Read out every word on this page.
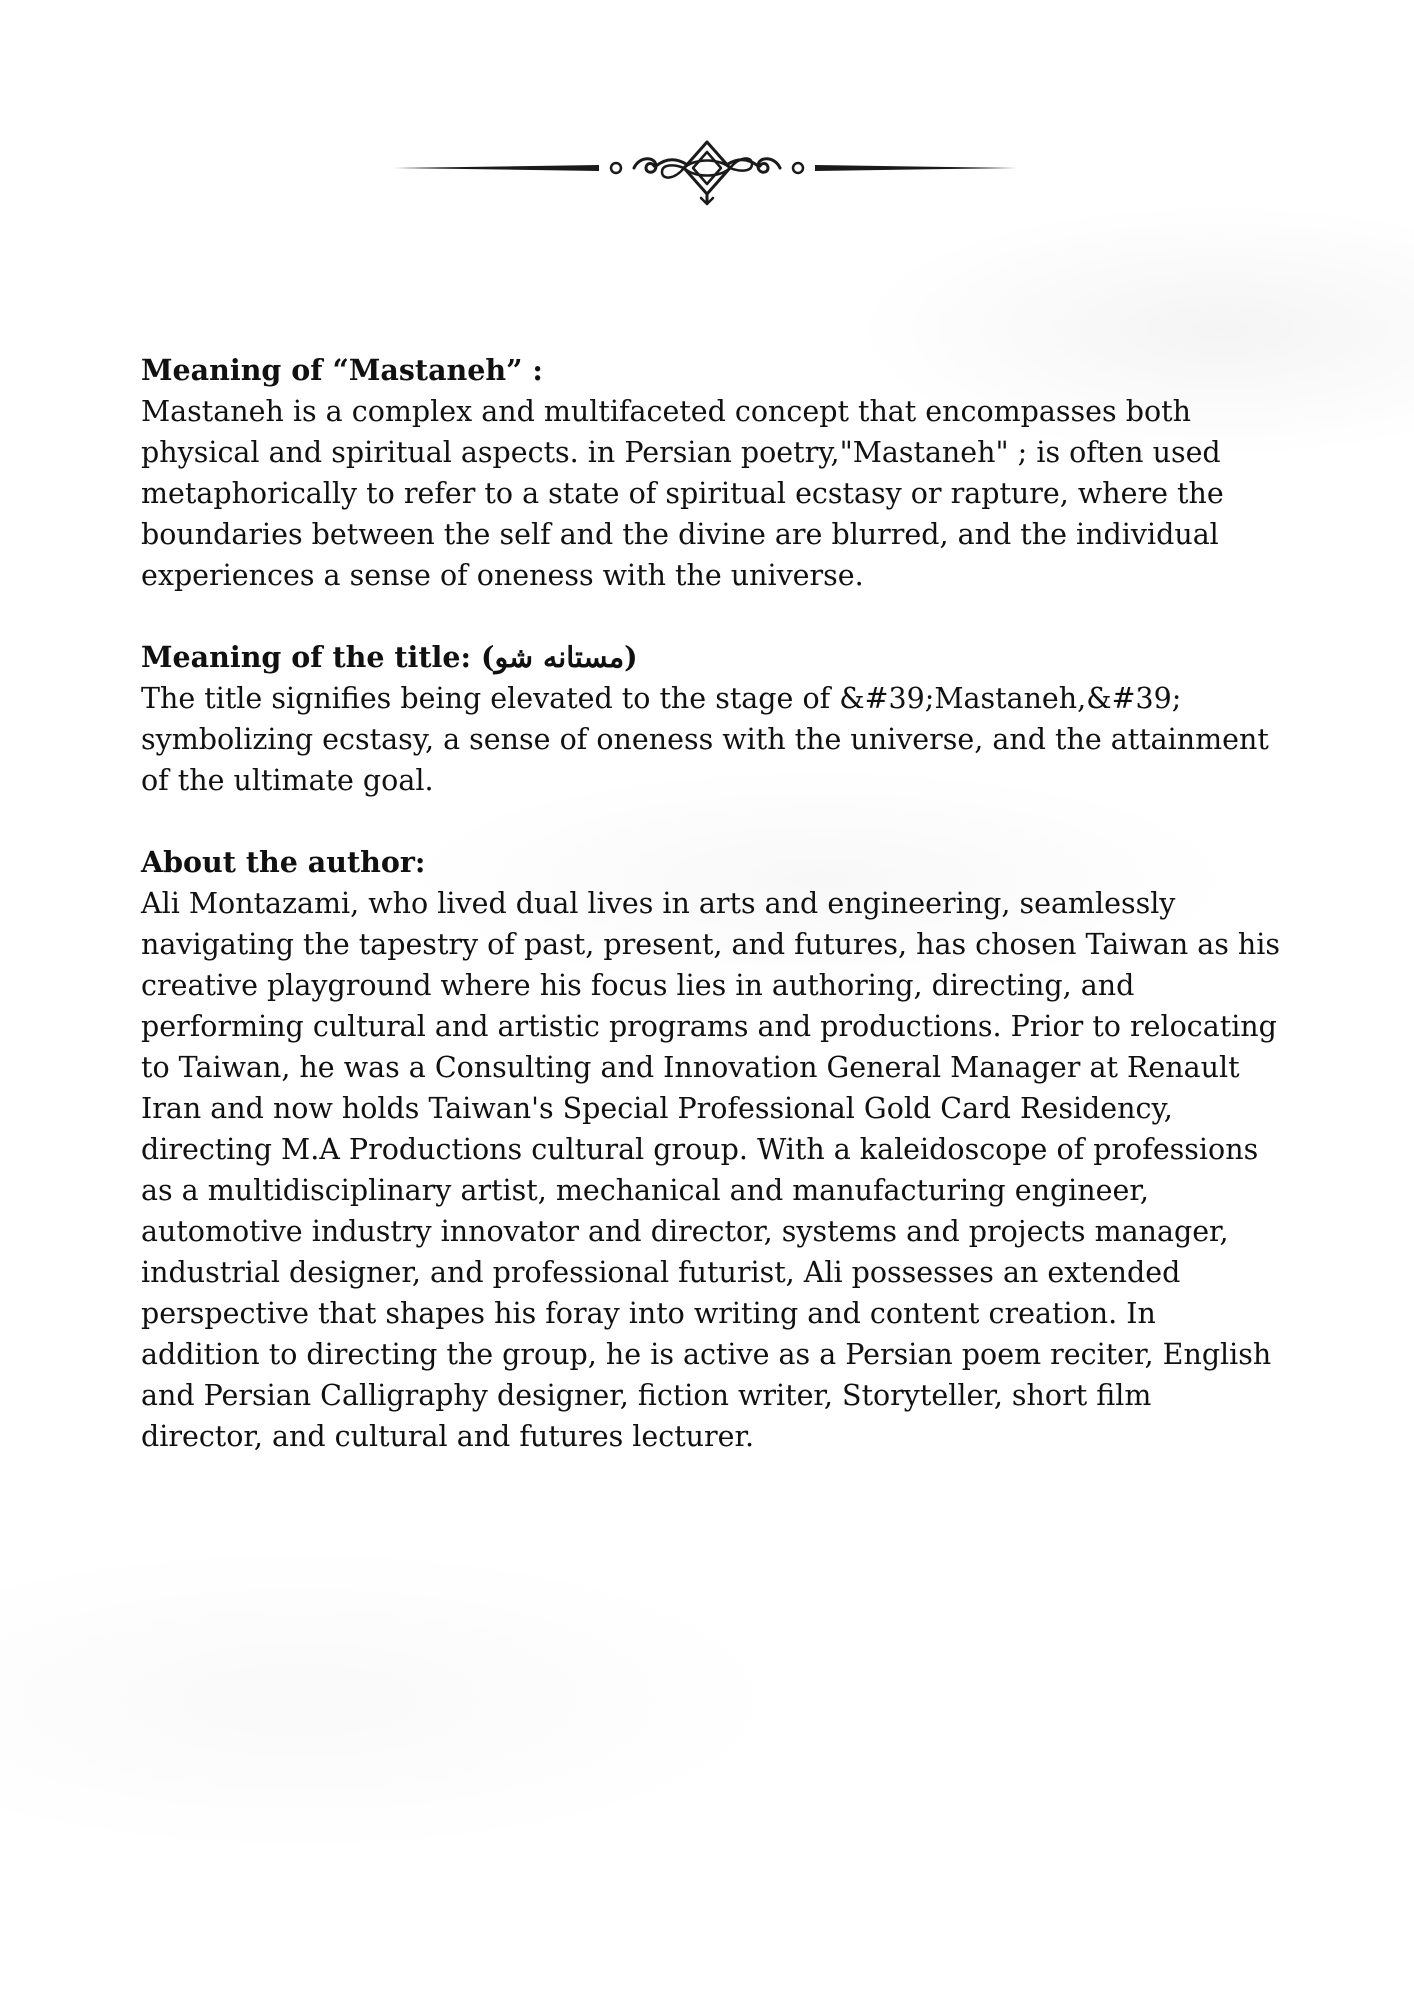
Meaning of “Mastaneh” :

Mastaneh is a complex and multifaceted concept that encompasses both physical and spiritual aspects. in Persian poetry,"Mastaneh" ; is often used metaphorically to refer to a state of spiritual ecstasy or rapture, where the boundaries between the self and the divine are blurred, and the individual experiences a sense of oneness with the universe.

Meaning of the title: (مستانه شو)

The title signifies being elevated to the stage of &#39;Mastaneh,&#39; symbolizing ecstasy, a sense of oneness with the universe, and the attainment of the ultimate goal.

About the author:

Ali Montazami, who lived dual lives in arts and engineering, seamlessly navigating the tapestry of past, present, and futures, has chosen Taiwan as his creative playground where his focus lies in authoring, directing, and performing cultural and artistic programs and productions. Prior to relocating to Taiwan, he was a Consulting and Innovation General Manager at Renault Iran and now holds Taiwan's Special Professional Gold Card Residency, directing M.A Productions cultural group. With a kaleidoscope of professions as a multidisciplinary artist, mechanical and manufacturing engineer, automotive industry innovator and director, systems and projects manager, industrial designer, and professional futurist, Ali possesses an extended perspective that shapes his foray into writing and content creation. In addition to directing the group, he is active as a Persian poem reciter, English and Persian Calligraphy designer, fiction writer, Storyteller, short film director, and cultural and futures lecturer.
